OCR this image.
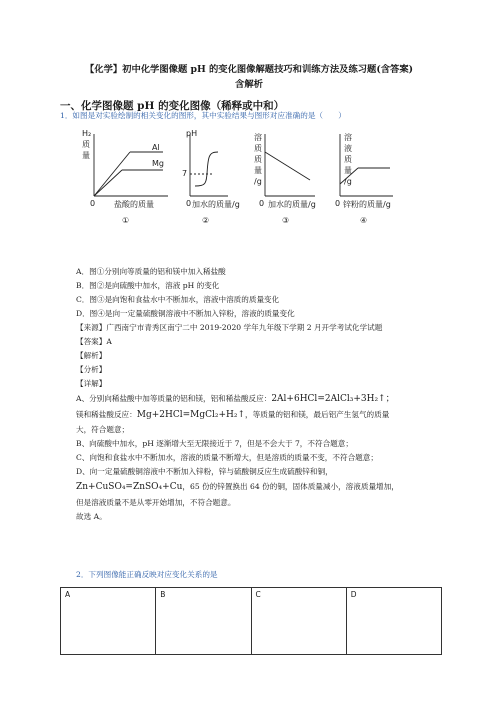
【化学】初中化学图像题 pH 的变化图像解题技巧和训练方法及练习题(含答案)
含解析
一、化学图像题 pH 的变化图像（稀释或中和）
1．如图是对实验绘制的相关变化的图形，其中实验结果与图形对应准确的是（　　）
H₂
质
量
Al
Mg
0 盐酸的质量
①
pH
7
0 加水的质量/g
②
溶
质
质
量
/g
0 加水的质量/g
③
溶
液
质
量
/g
0 锌粉的质量/g
④
A．图①分别向等质量的铝和镁中加入稀盐酸
B．图②是向硫酸中加水，溶液 pH 的变化
C．图③是向饱和食盐水中不断加水，溶液中溶质的质量变化
D．图④是向一定量硫酸铜溶液中不断加入锌粉，溶液的质量变化
【来源】广西南宁市青秀区南宁二中 2019-2020 学年九年级下学期 2 月开学考试化学试题
【答案】A
【解析】
【分析】
【详解】
A、分别向稀盐酸中加等质量的铝和镁，铝和稀盐酸反应：2Al+6HCl=2AlCl₃+3H₂↑；
镁和稀盐酸反应：Mg+2HCl=MgCl₂+H₂↑，等质量的铝和镁，最后铝产生氢气的质量
大，符合题意；
B、向硫酸中加水，pH 逐渐增大至无限接近于 7，但是不会大于 7，不符合题意；
C、向饱和食盐水中不断加水，溶液的质量不断增大，但是溶质的质量不变，不符合题意；
D、向一定量硫酸铜溶液中不断加入锌粉，锌与硫酸铜反应生成硫酸锌和铜，
Zn+CuSO₄=ZnSO₄+Cu，65 份的锌置换出 64 份的铜，固体质量减小，溶液质量增加，
但是溶液质量不是从零开始增加，不符合题意。
故选 A。
2．下列图像能正确反映对应变化关系的是
A	B	C	D
